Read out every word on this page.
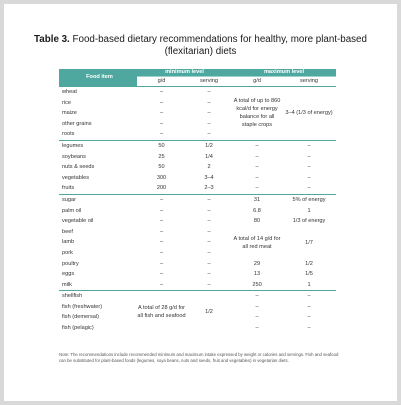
Table 3. Food-based dietary recommendations for healthy, more plant-based (flexitarian) diets
Food item	minimum level		maximum level	
	g/d	serving	g/d	serving
wheat	–	–	A total of up to 860 kcal/d for energy balance for all staple crops	3–4 (1/3 of energy)
rice	–	–		
maize	–	–		
other grains	–	–		
roots	–	–		
legumes	50	1/2	–	–
soybeans	25	1/4	–	–
nuts & seeds	50	2	–	–
vegetables	300	3–4	–	–
fruits	200	2–3	–	–
sugar	–	–	31	5% of energy
palm oil	–	–	6.8	1
vegetable oil	–	–	80	1/3 of energy
beef	–	–	A total of 14 g/d for all red meat	1/7
lamb	–	–		
pork	–	–		
poultry	–	–	29	1/2
eggs	–	–	13	1/5
milk	–	–	250	1
shellfish	A total of 28 g/d for all fish and seafood	1/2	–	–
fish (freshwater)			–	–
fish (demersal)			–	–
fish (pelagic)			–	–
Note: The recommendations include recommended minimum and maximum intake expressed by weight or calories and servings. Fish and seafood can be substituted for plant-based foods (legumes, soya beans, nuts and seeds, fruit and vegetables) in vegetarian diets.
